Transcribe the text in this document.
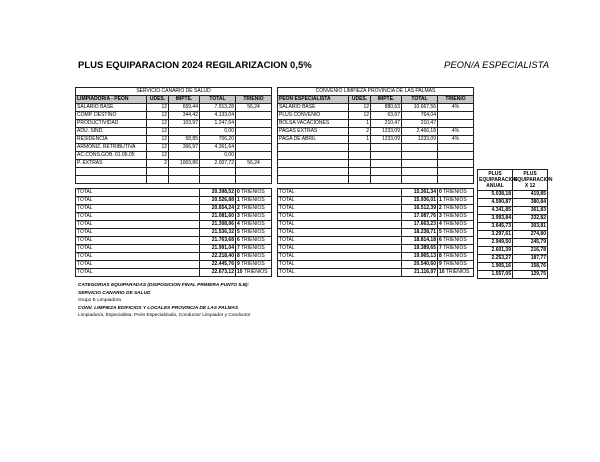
PLUS EQUIPARACION 2024 REGILARIZACION 0,5%	PEON/A ESPECIALISTA
SERVICIO CANARIO DE SALUD				
LIMPIADOR/A - PEON	UDES.	IMPTE.	TOTAL	TRIENIO
SALARIO BASE	12	659,44	7.913,28	56,24
COMP. DESTINO	12	344,42	4.133,04	
PRODUCTIVIDAD	12	103,97	1.247,64	
ADU. SIND.	12		0,00	
RESIDENCIA	12	58,85	706,20	
ARMONIZ. RETRIBUTIVA	12	366,97	4.361,64	
AC.CONS.GOB. 01.06.05	12		0,00	
P. EXTRAS	2	1003,86	2.007,72	56,24

TOTAL			20.398,52	0 TRIENIOS
TOTAL			20.526,88	1 TRIENIOS
TOTAL			20.654,24	2 TRIENIOS
TOTAL			21.081,60	3 TRIENIOS
TOTAL			21.308,96	4 TRIENIOS
TOTAL			21.536,32	5 TRIENIOS
TOTAL			21.763,68	6 TRIENIOS
TOTAL			21.991,04	7 TRIENIOS
TOTAL			22.218,40	8 TRIENIOS
TOTAL			22.445,76	9 TRIENIOS
TOTAL			22.673,12	10 TRIENIOS
CONVENIO LIMPIEZA PROVINCIA DE LAS PALMAS				
PEON ESPECIALISTA	UDES.	IMPTE.	TOTAL	TRIENIO
SALARIO BASE	12	880,63	10.667,56	4%
PLUS CONVENIO	12	63,67	764,04	
BOLSA VACACIONES	1	210,47	210,47	
PAGAS EXTRAS	2	1233,09	2.466,18	4%
PAGA DE ABRIL	1	1233,09	1233,09	4%

TOTAL			15.361,34	0 TRIENIOS
TOTAL			15.936,01	1 TRIENIOS
TOTAL			16.512,39	2 TRIENIOS
TOTAL			17.087,76	3 TRIENIOS
TOTAL			17.663,23	4 TRIENIOS
TOTAL			18.238,71	5 TRIENIOS
TOTAL			18.814,18	6 TRIENIOS
TOTAL			19.389,65	7 TRIENIOS
TOTAL			19.965,13	8 TRIENIOS
TOTAL			20.540,60	9 TRIENIOS
TOTAL			21.116,07	10 TRIENIOS
PLUS EQUIPARACION ANUAL	PLUS EQUIPARACION X 12
5.038,18	419,85
4.590,87	380,84
4.341,85	361,83
3.993,84	332,82
3.645,73	303,81
3.297,61	274,80
2.949,50	245,79
2.601,39	216,78
2.253,27	187,77
1.905,16	158,76
1.557,05	129,75
CATEGORIAS EQUIPARADAS (DISPOSICION FINAL PRIMERA PUNTO 5.B):
SERVICIO CANARIO DE SALUD
Grupo E Limpiadora
CONV. LIMPIEZA EDIFICIOS Y LOCALES PROVINCIA DE LAS PALMAS
Limpiador/a, Especialista, Peón Especializado, Conductor Limpiador y Conductor
